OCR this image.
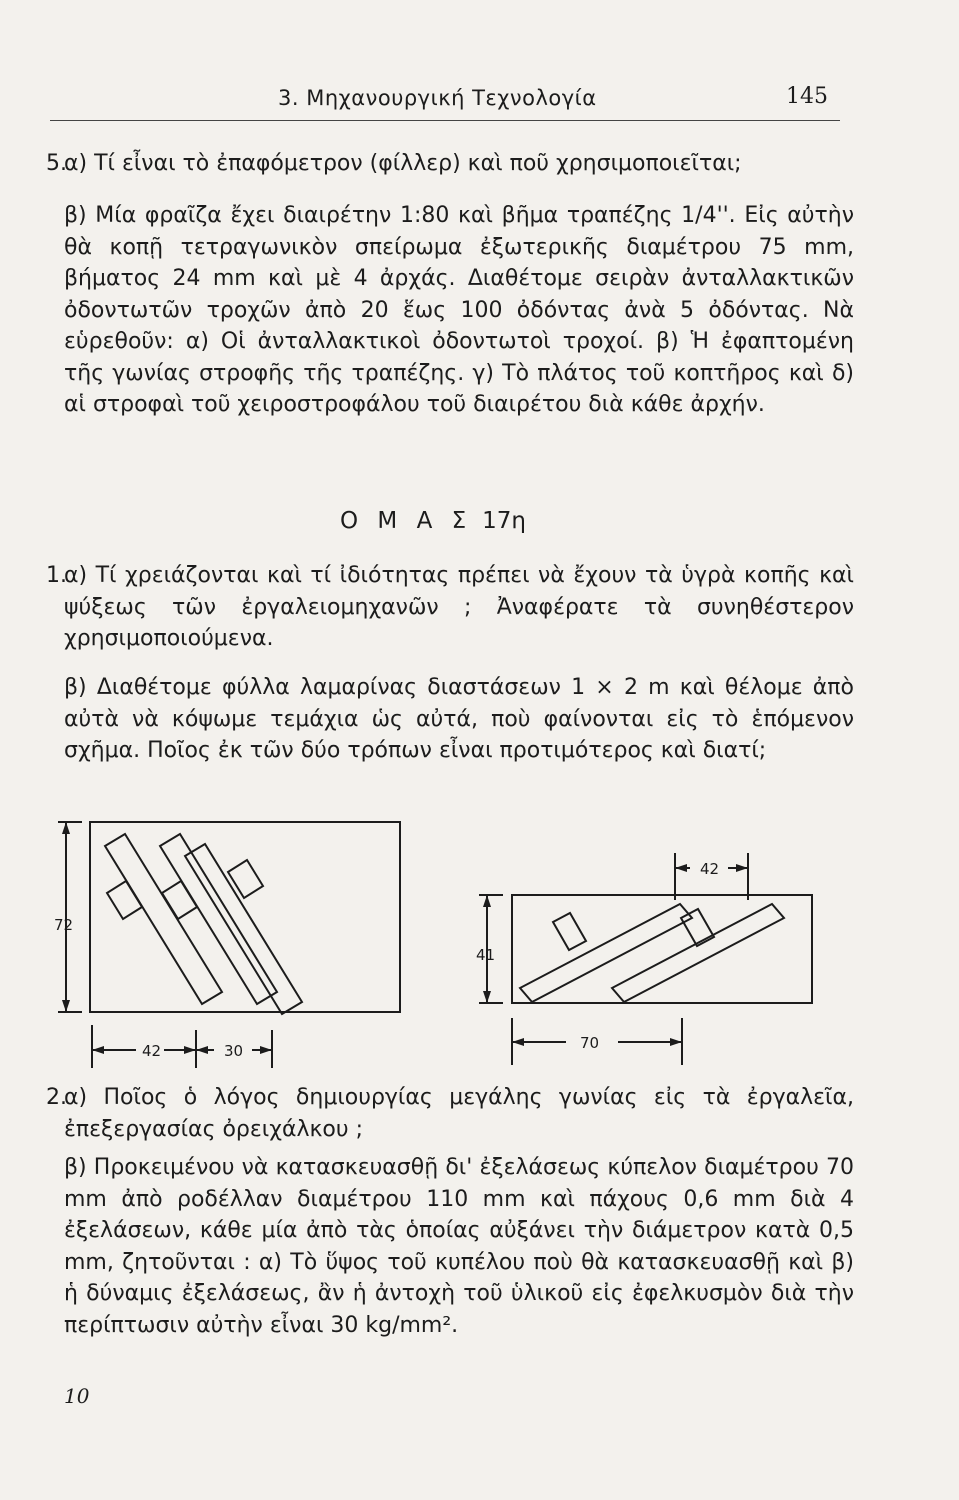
3. Μηχανουργική Τεχνολογία	145

5.
α) Τί εἶναι τὸ ἐπαφόμετρον (φίλλερ) καὶ ποῦ χρησιμοποιεῖται;

β) Μία φραῖζα ἔχει διαιρέτην 1:80 καὶ βῆμα τραπέζης 1/4''. Εἰς αὐτὴν θὰ κοπῇ τετραγωνικὸν σπείρωμα ἐξωτερικῆς διαμέτρου 75 mm, βήματος 24 mm καὶ μὲ 4 ἀρχάς. Διαθέτομε σειρὰν ἀνταλλακτικῶν ὀδοντωτῶν τροχῶν ἀπὸ 20 ἕως 100 ὀδόντας ἀνὰ 5 ὀδόντας. Νὰ εὑρεθοῦν: α) Οἱ ἀνταλλακτικοὶ ὀδοντωτοὶ τροχοί. β) Ἡ ἐφαπτομένη τῆς γωνίας στροφῆς τῆς τραπέζης. γ) Τὸ πλάτος τοῦ κοπτῆρος καὶ δ) αἱ στροφαὶ τοῦ χειροστροφάλου τοῦ διαιρέτου διὰ κάθε ἀρχήν.

Ο Μ Α Σ 17η

1.
α) Τί χρειάζονται καὶ τί ἰδιότητας πρέπει νὰ ἔχουν τὰ ὑγρὰ κοπῆς καὶ ψύξεως τῶν ἐργαλειομηχανῶν ; Ἀναφέρατε τὰ συνηθέστερον χρησιμοποιούμενα.

β) Διαθέτομε φύλλα λαμαρίνας διαστάσεων 1 × 2 m καὶ θέλομε ἀπὸ αὐτὰ νὰ κόψωμε τεμάχια ὡς αὐτά, ποὺ φαίνονται εἰς τὸ ἑπόμενον σχῆμα. Ποῖος ἐκ τῶν δύο τρόπων εἶναι προτιμότερος καὶ διατί;

72
42	30
41
42
70

2.
α) Ποῖος ὁ λόγος δημιουργίας μεγάλης γωνίας εἰς τὰ ἐργαλεῖα, ἐπεξεργασίας ὀρειχάλκου ;

β) Προκειμένου νὰ κατασκευασθῇ δι' ἐξελάσεως κύπελον διαμέτρου 70 mm ἀπὸ ροδέλλαν διαμέτρου 110 mm καὶ πάχους 0,6 mm διὰ 4 ἐξελάσεων, κάθε μία ἀπὸ τὰς ὁποίας αὐξάνει τὴν διάμετρον κατὰ 0,5 mm, ζητοῦνται : α) Τὸ ὕψος τοῦ κυπέλου ποὺ θὰ κατασκευασθῇ καὶ β) ἡ δύναμις ἐξελάσεως, ἂν ἡ ἀντοχὴ τοῦ ὑλικοῦ εἰς ἐφελκυσμὸν διὰ τὴν περίπτωσιν αὐτὴν εἶναι 30 kg/mm².

10
